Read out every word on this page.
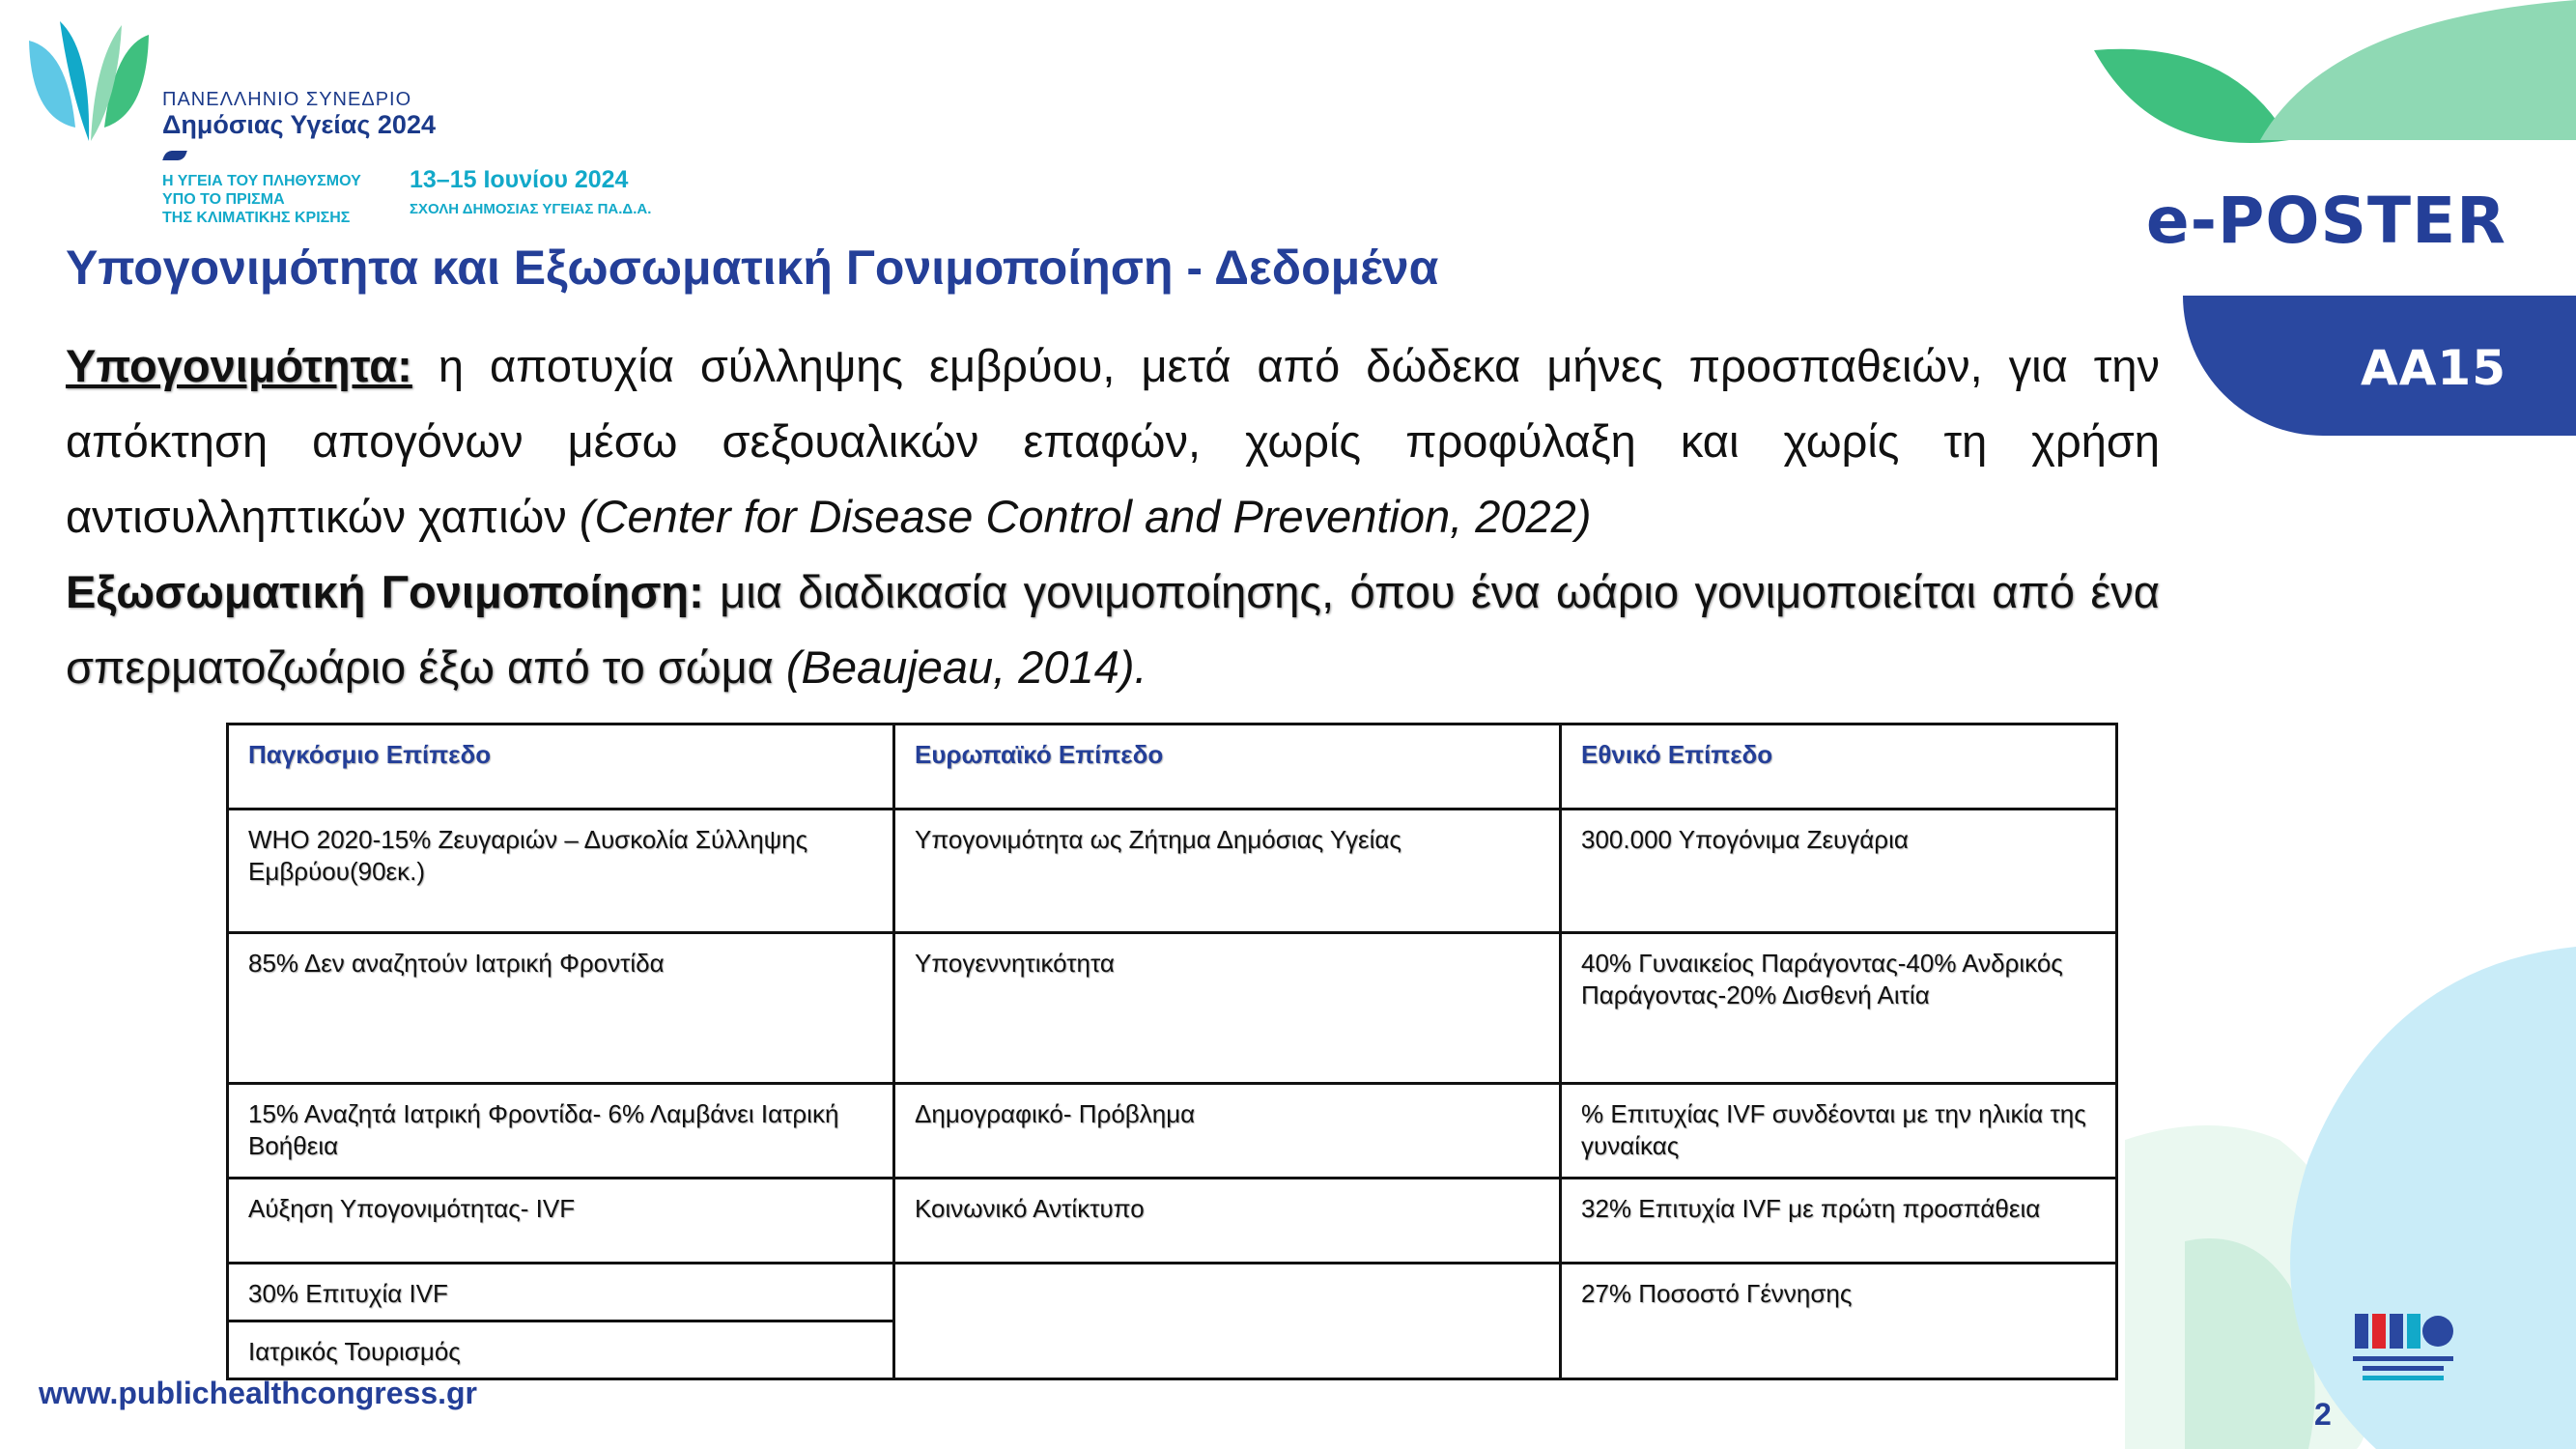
ΠΑΝΕΛΛΗΝΙΟ ΣΥΝΕΔΡΙΟ
Δημόσιας Υγείας 2024
Η ΥΓΕΙΑ ΤΟΥ ΠΛΗΘΥΣΜΟΥ
ΥΠΟ ΤΟ ΠΡΙΣΜΑ
ΤΗΣ ΚΛΙΜΑΤΙΚΗΣ ΚΡΙΣΗΣ
13–15 Ιουνίου 2024
ΣΧΟΛΗ ΔΗΜΟΣΙΑΣ ΥΓΕΙΑΣ ΠΑ.Δ.Α.	e-POSTER
ΑΑ15
Υπογονιμότητα και Εξωσωματική Γονιμοποίηση - Δεδομένα
Υπογονιμότητα: η αποτυχία σύλληψης εμβρύου, μετά από δώδεκα μήνες προσπαθειών, για την απόκτηση απογόνων μέσω σεξουαλικών επαφών, χωρίς προφύλαξη και χωρίς τη χρήση αντισυλληπτικών χαπιών (Center for Disease Control and Prevention, 2022)
Εξωσωματική Γονιμοποίηση: μια διαδικασία γονιμοποίησης, όπου ένα ωάριο γονιμοποιείται από ένα σπερματοζωάριο έξω από το σώμα (Beaujeau, 2014).
Παγκόσμιο Επίπεδο	Ευρωπαϊκό Επίπεδο	Εθνικό Επίπεδο
WHO 2020-15% Ζευγαριών – Δυσκολία Σύλληψης Εμβρύου(90εκ.)	Υπογονιμότητα ως Ζήτημα Δημόσιας Υγείας	300.000 Υπογόνιμα Ζευγάρια
85% Δεν αναζητούν Ιατρική Φροντίδα	Υπογεννητικότητα	40% Γυναικείος Παράγοντας-40% Ανδρικός Παράγοντας-20% Δισθενή Αιτία
15% Αναζητά Ιατρική Φροντίδα- 6% Λαμβάνει Ιατρική Βοήθεια	Δημογραφικό- Πρόβλημα	% Επιτυχίας IVF συνδέονται με την ηλικία της γυναίκας
Αύξηση Υπογονιμότητας- IVF	Κοινωνικό Αντίκτυπο	32% Επιτυχία IVF με πρώτη προσπάθεια
30% Επιτυχία IVF		27% Ποσοστό Γέννησης
Ιατρικός Τουρισμός		
www.publichealthcongress.gr
2
